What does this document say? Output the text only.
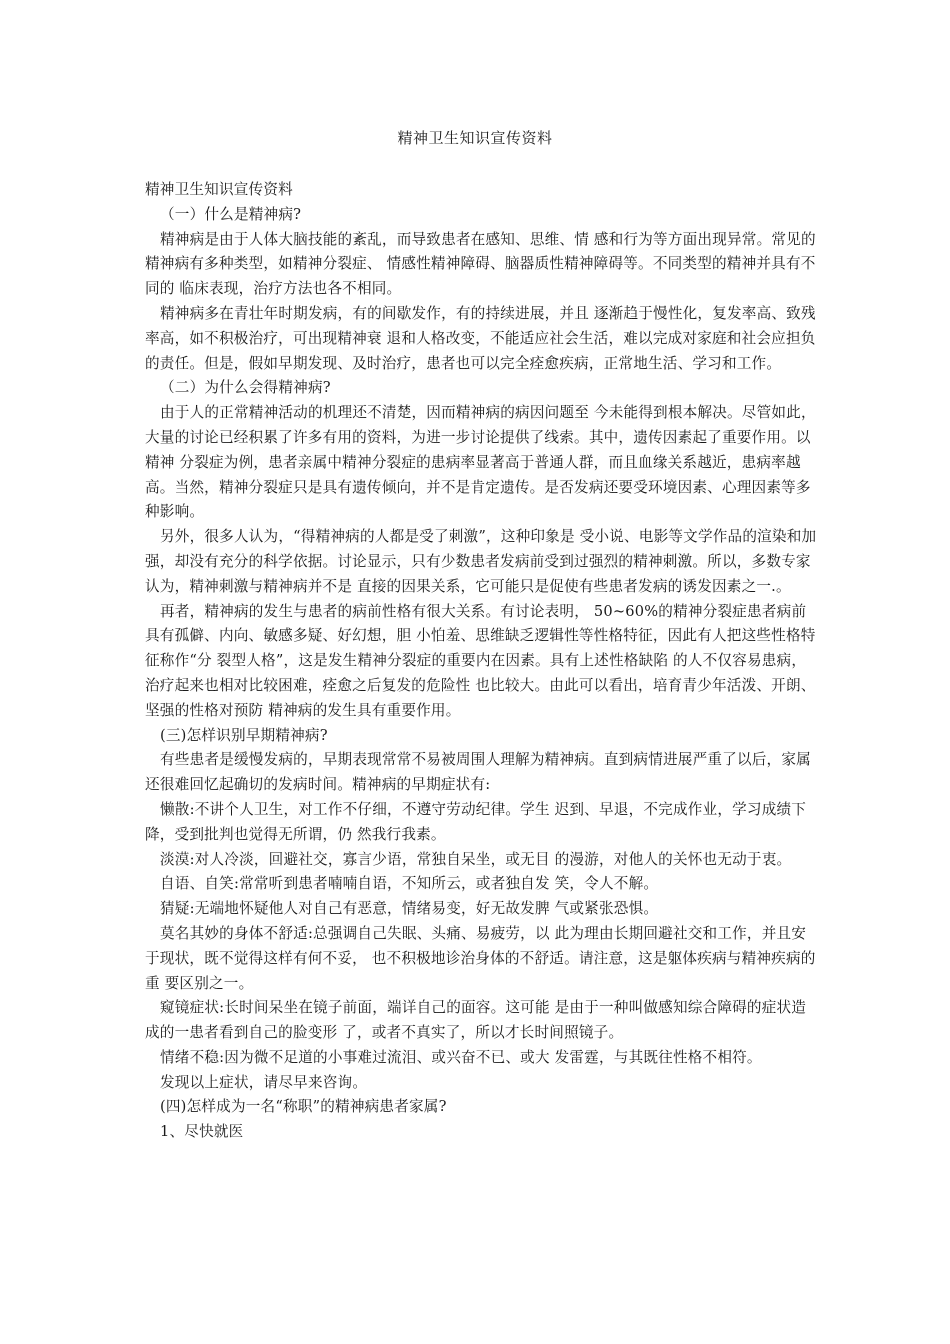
精神卫生知识宣传资料

精神卫生知识宣传资料

（一）什么是精神病?

精神病是由于人体大脑技能的紊乱，而导致患者在感知、思维、情 感和行为等方面出现异常。常见的精神病有多种类型，如精神分裂症、 情感性精神障碍、脑器质性精神障碍等。不同类型的精神并具有不同的 临床表现，治疗方法也各不相同。

精神病多在青壮年时期发病，有的间歇发作，有的持续进展，并且 逐渐趋于慢性化，复发率高、致残率高，如不积极治疗，可出现精神衰 退和人格改变，不能适应社会生活，难以完成对家庭和社会应担负的责任。但是，假如早期发现、及时治疗，患者也可以完全痊愈疾病，正常地生活、学习和工作。

（二）为什么会得精神病?

由于人的正常精神活动的机理还不清楚，因而精神病的病因问题至 今未能得到根本解决。尽管如此，大量的讨论已经积累了许多有用的资料，为进一步讨论提供了线索。其中，遗传因素起了重要作用。以精神 分裂症为例，患者亲属中精神分裂症的患病率显著高于普通人群，而且血缘关系越近，患病率越高。当然，精神分裂症只是具有遗传倾向，并不是肯定遗传。是否发病还要受环境因素、心理因素等多种影响。

另外，很多人认为，“得精神病的人都是受了刺激”，这种印象是 受小说、电影等文学作品的渲染和加强，却没有充分的科学依据。讨论显示，只有少数患者发病前受到过强烈的精神刺激。所以，多数专家认为，精神刺激与精神病并不是 直接的因果关系，它可能只是促使有些患者发病的诱发因素之一.。

再者，精神病的发生与患者的病前性格有很大关系。有讨论表明， 50~60%的精神分裂症患者病前具有孤僻、内向、敏感多疑、好幻想，胆 小怕羞、思维缺乏逻辑性等性格特征，因此有人把这些性格特征称作“分 裂型人格”，这是发生精神分裂症的重要内在因素。具有上述性格缺陷 的人不仅容易患病，治疗起来也相对比较困难，痊愈之后复发的危险性 也比较大。由此可以看出，培育青少年活泼、开朗、坚强的性格对预防 精神病的发生具有重要作用。

(三)怎样识别早期精神病?

有些患者是缓慢发病的，早期表现常常不易被周围人理解为精神病。直到病情进展严重了以后，家属还很难回忆起确切的发病时间。精神病的早期症状有:

懒散:不讲个人卫生，对工作不仔细，不遵守劳动纪律。学生 迟到、早退，不完成作业，学习成绩下降，受到批判也觉得无所谓，仍 然我行我素。

淡漠:对人冷淡，回避社交，寡言少语，常独自呆坐，或无目 的漫游，对他人的关怀也无动于衷。

自语、自笑:常常听到患者喃喃自语，不知所云，或者独自发 笑，令人不解。

猜疑:无端地怀疑他人对自己有恶意，情绪易变，好无故发脾 气或紧张恐惧。

莫名其妙的身体不舒适:总强调自己失眠、头痛、易疲劳，以 此为理由长期回避社交和工作，并且安于现状，既不觉得这样有何不妥， 也不积极地诊治身体的不舒适。请注意，这是躯体疾病与精神疾病的重 要区别之一。

窥镜症状:长时间呆坐在镜子前面，端详自己的面容。这可能 是由于一种叫做感知综合障碍的症状造成的一患者看到自己的脸变形 了，或者不真实了，所以才长时间照镜子。

情绪不稳:因为微不足道的小事难过流泪、或兴奋不已、或大 发雷霆，与其既往性格不相符。

发现以上症状，请尽早来咨询。

(四)怎样成为一名“称职”的精神病患者家属?

1、尽快就医
